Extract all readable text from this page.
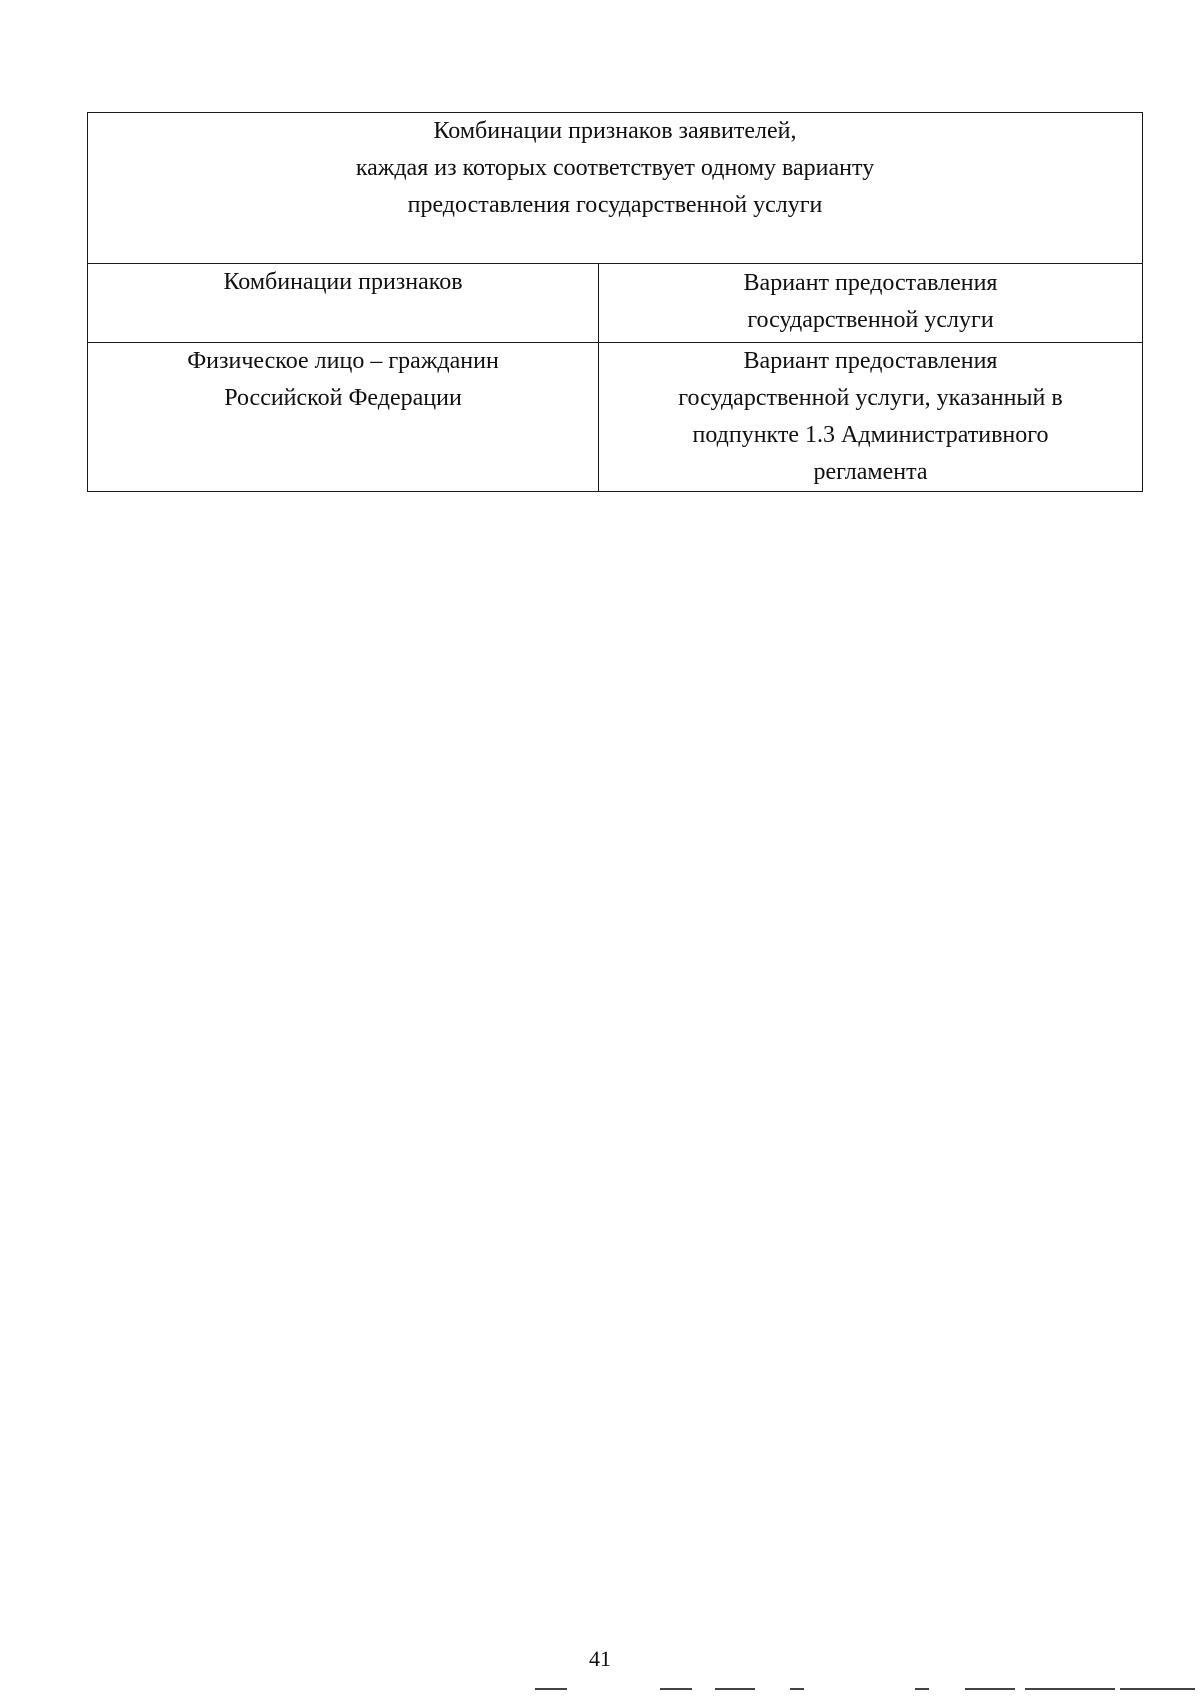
Комбинации признаков заявителей,
каждая из которых соответствует одному варианту
предоставления государственной услуги	

Комбинации признаков	Вариант предоставления
государственной услуги

Физическое лицо – гражданин
Российской Федерации	Вариант предоставления
государственной услуги, указанный в
подпункте 1.3 Административного
регламента
41
